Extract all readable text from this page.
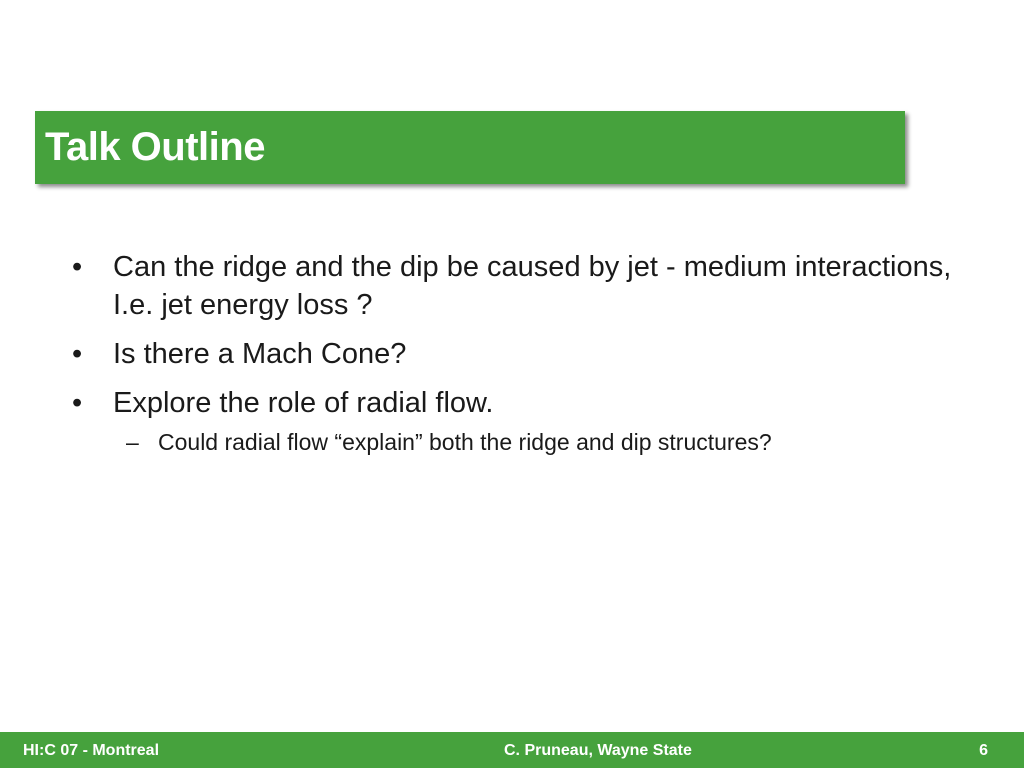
Talk Outline
•	Can the ridge and the dip be caused by jet - medium interactions, I.e. jet energy loss ?
•	Is there a Mach Cone?
•	Explore the role of radial flow.
– Could radial flow “explain” both the ridge and dip structures?
HI:C 07 - Montreal	C. Pruneau, Wayne State	6
